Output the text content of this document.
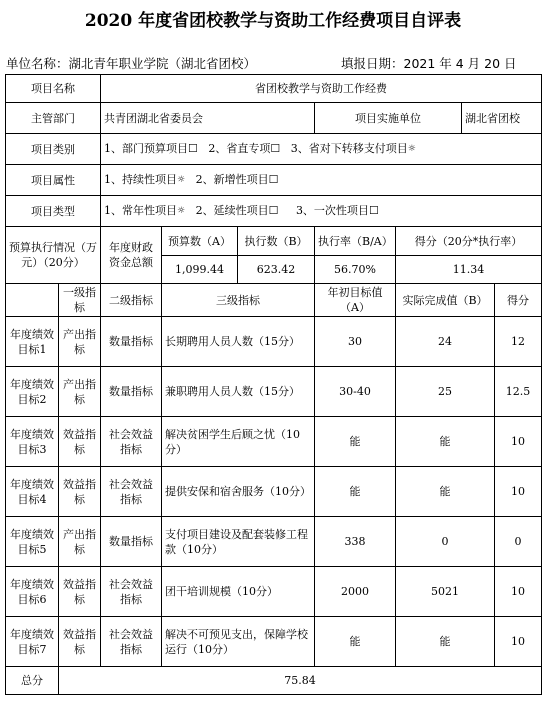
2020 年度省团校教学与资助工作经费项目自评表
单位名称：湖北青年职业学院（湖北省团校）	填报日期：2021 年 4 月 20 日
项目名称		省团校教学与资助工作经费						
主管部门		共青团湖北省委员会			项目实施单位		湖北省团校	
项目类别		1、部门预算项目☐ 2、省直专项☐ 3、省对下转移支付项目☼						
项目属性		1、持续性项目☼ 2、新增性项目☐						
项目类型		1、常年性项目☼ 2、延续性项目☐ 3、一次性项目☐						
预算执行情况（万元）（20分）		年度财政资金总额	预算数（A）	执行数（B）	执行率（B/A）	得分（20分*执行率）		
			1,099.44	623.42	56.70%	11.34		
	一级指标	二级指标	三级指标		年初目标值（A）	实际完成值（B）		得分
年度绩效目标1	产出指标	数量指标	长期聘用人员人数（15分）		30	24		12
年度绩效目标2	产出指标	数量指标	兼职聘用人员人数（15分）		30-40	25		12.5
年度绩效目标3	效益指标	社会效益指标	解决贫困学生后顾之忧（10分）		能	能		10
年度绩效目标4	效益指标	社会效益指标	提供安保和宿舍服务（10分）		能	能		10
年度绩效目标5	产出指标	数量指标	支付项目建设及配套装修工程款（10分）		338	0		0
年度绩效目标6	效益指标	社会效益指标	团干培训规模（10分）		2000	5021		10
年度绩效目标7	效益指标	社会效益指标	解决不可预见支出，保障学校运行（10分）		能	能		10
总分	75.84							
